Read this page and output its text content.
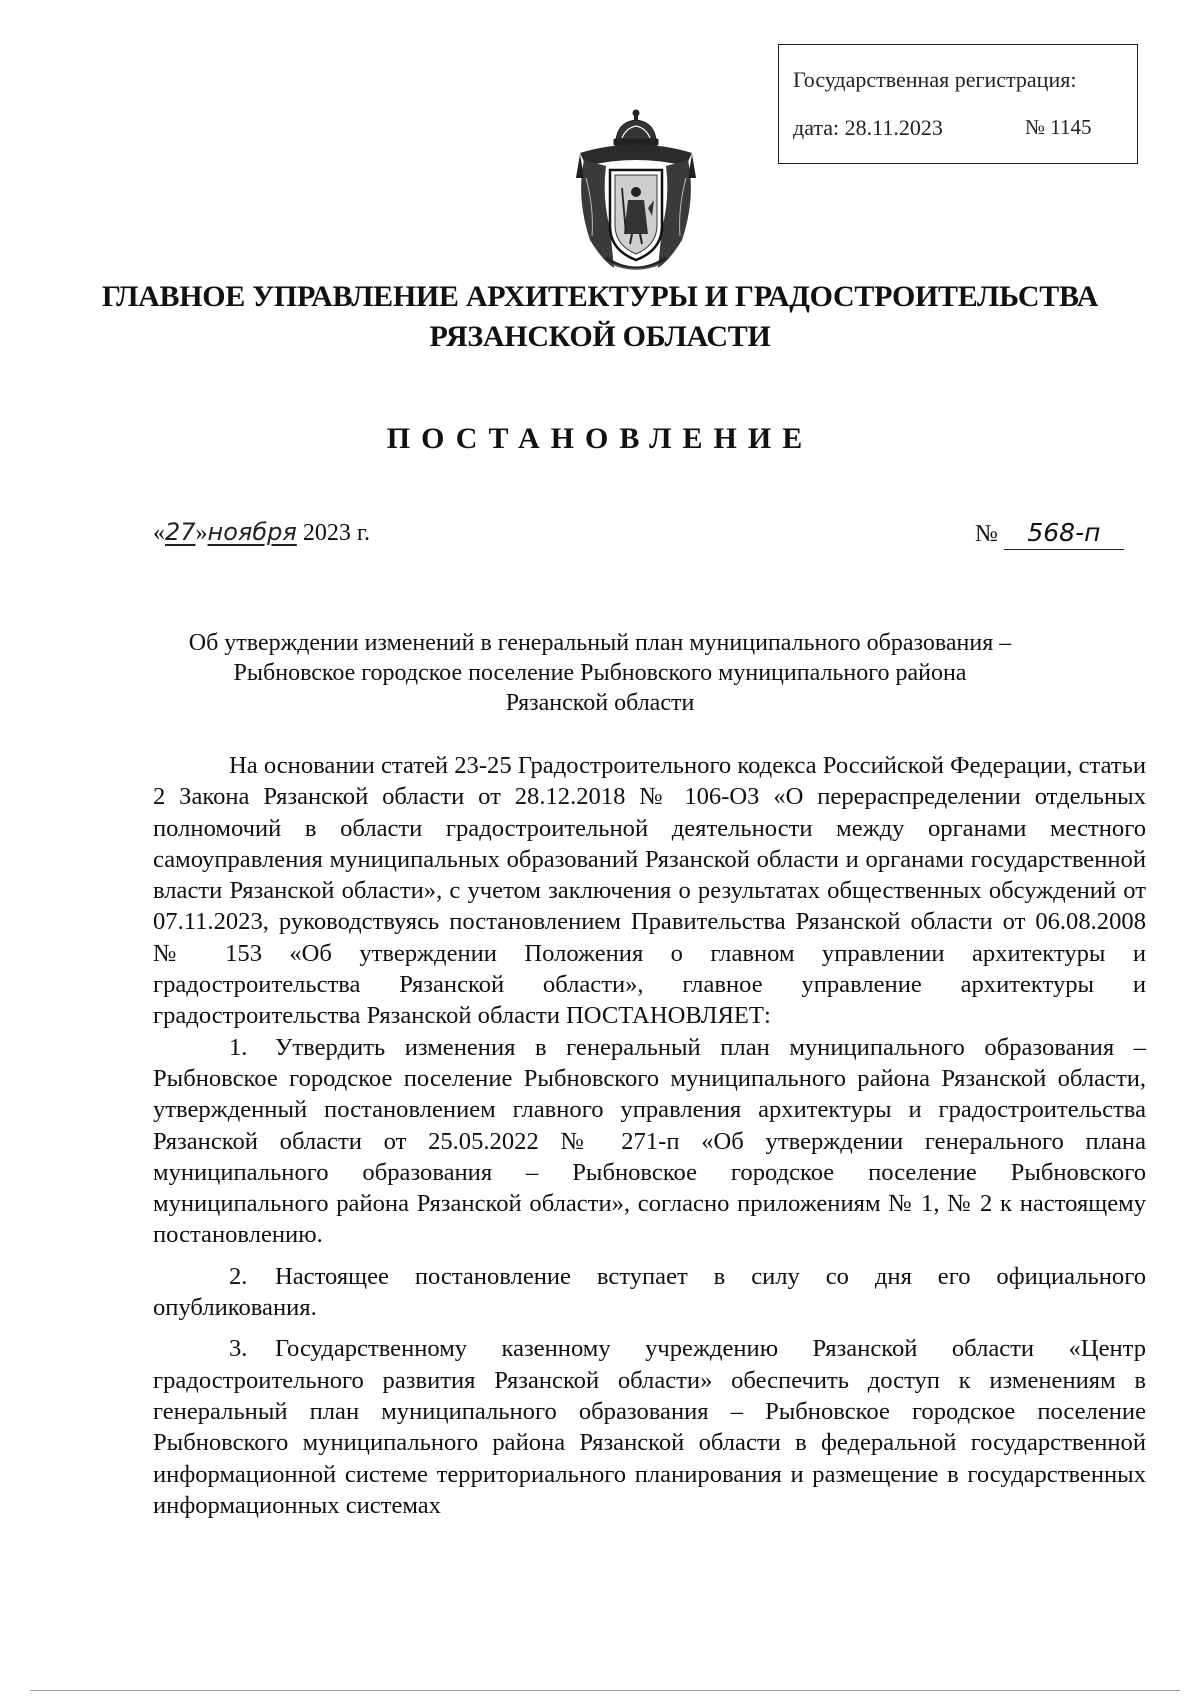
Государственная регистрация:
дата: 28.11.2023	№ 1145
ГЛАВНОЕ УПРАВЛЕНИЕ АРХИТЕКТУРЫ И ГРАДОСТРОИТЕЛЬСТВА
РЯЗАНСКОЙ ОБЛАСТИ
ПОСТАНОВЛЕНИЕ
«27»ноября 2023 г.	№ 568-п
Об утверждении изменений в генеральный план муниципального образования –
Рыбновское городское поселение Рыбновского муниципального района
Рязанской области

На основании статей 23-25 Градостроительного кодекса Российской Федерации, статьи 2 Закона Рязанской области от 28.12.2018 № 106-ОЗ «О перераспределении отдельных полномочий в области градостроительной деятельности между органами местного самоуправления муниципальных образований Рязанской области и органами государственной власти Рязанской области», с учетом заключения о результатах общественных обсуждений от 07.11.2023, руководствуясь постановлением Правительства Рязанской области от 06.08.2008 № 153 «Об утверждении Положения о главном управлении архитектуры и градостроительства Рязанской области», главное управление архитектуры и градостроительства Рязанской области ПОСТАНОВЛЯЕТ:

1. Утвердить изменения в генеральный план муниципального образования – Рыбновское городское поселение Рыбновского муниципального района Рязанской области, утвержденный постановлением главного управления архитектуры и градостроительства Рязанской области от 25.05.2022 № 271-п «Об утверждении генерального плана муниципального образования – Рыбновское городское поселение Рыбновского муниципального района Рязанской области», согласно приложениям № 1, № 2 к настоящему постановлению.

2. Настоящее постановление вступает в силу со дня его официального опубликования.

3. Государственному казенному учреждению Рязанской области «Центр градостроительного развития Рязанской области» обеспечить доступ к изменениям в генеральный план муниципального образования – Рыбновское городское поселение Рыбновского муниципального района Рязанской области в федеральной государственной информационной системе территориального планирования и размещение в государственных информационных системах
